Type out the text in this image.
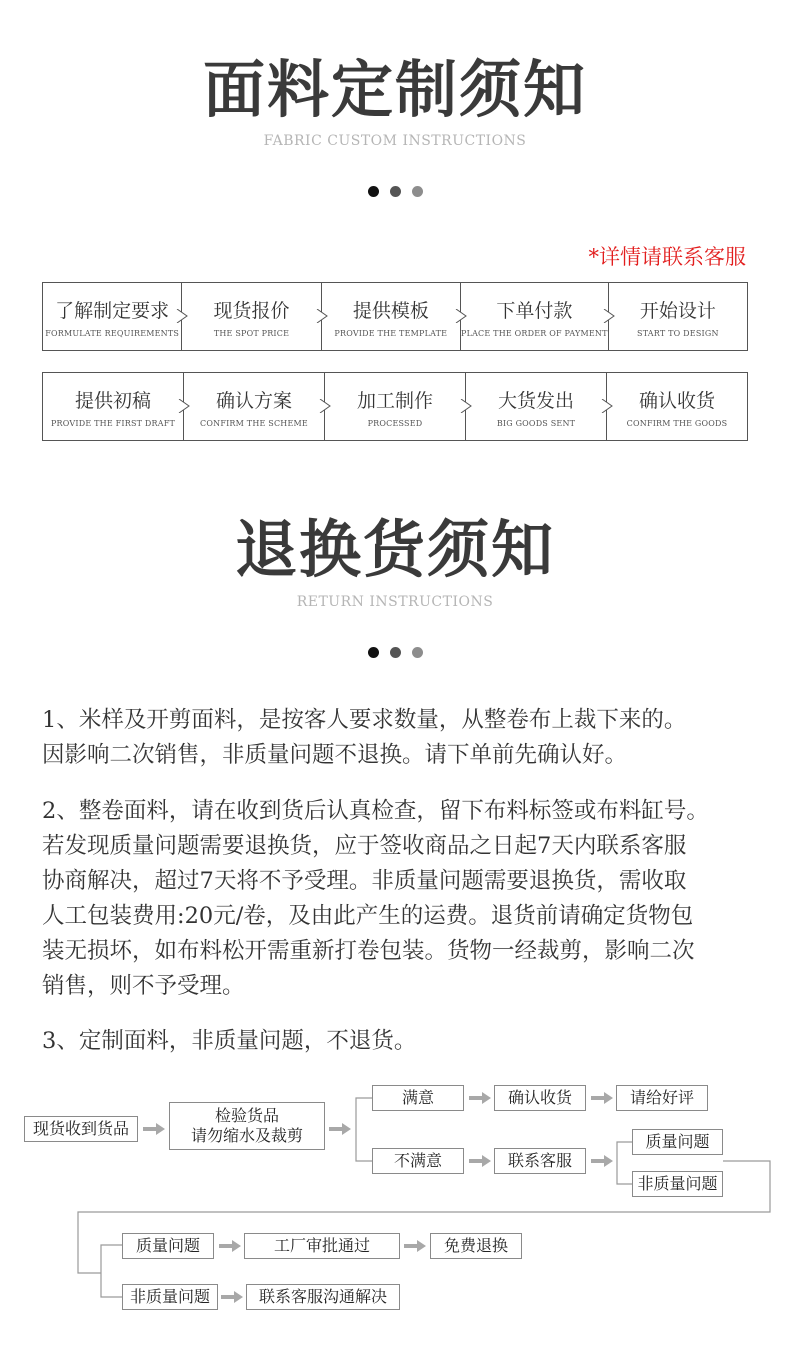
面料定制须知
FABRIC CUSTOM INSTRUCTIONS
*详情请联系客服
了解制定要求
FORMULATE REQUIREMENTS
现货报价
THE SPOT PRICE
提供模板
PROVIDE THE TEMPLATE
下单付款
PLACE THE ORDER OF PAYMENT
开始设计
START TO DESIGN
提供初稿
PROVIDE THE FIRST DRAFT
确认方案
CONFIRM THE SCHEME
加工制作
PROCESSED
大货发出
BIG GOODS SENT
确认收货
CONFIRM THE GOODS
退换货须知
RETURN INSTRUCTIONS

1、米样及开剪面料，是按客人要求数量，从整卷布上裁下来的。

因影响二次销售，非质量问题不退换。请下单前先确认好。

2、整卷面料，请在收到货后认真检查，留下布料标签或布料缸号。

若发现质量问题需要退换货，应于签收商品之日起7天内联系客服

协商解决，超过7天将不予受理。非质量问题需要退换货，需收取

人工包装费用:20元/卷，及由此产生的运费。退货前请确定货物包

装无损坏，如布料松开需重新打卷包装。货物一经裁剪，影响二次

销售，则不予受理。

3、定制面料，非质量问题，不退货。

现货收到货品
检验货品
请勿缩水及裁剪
满意	确认收货	请给好评
不满意	联系客服
质量问题
非质量问题
质量问题	工厂审批通过	免费退换
非质量问题	联系客服沟通解决
